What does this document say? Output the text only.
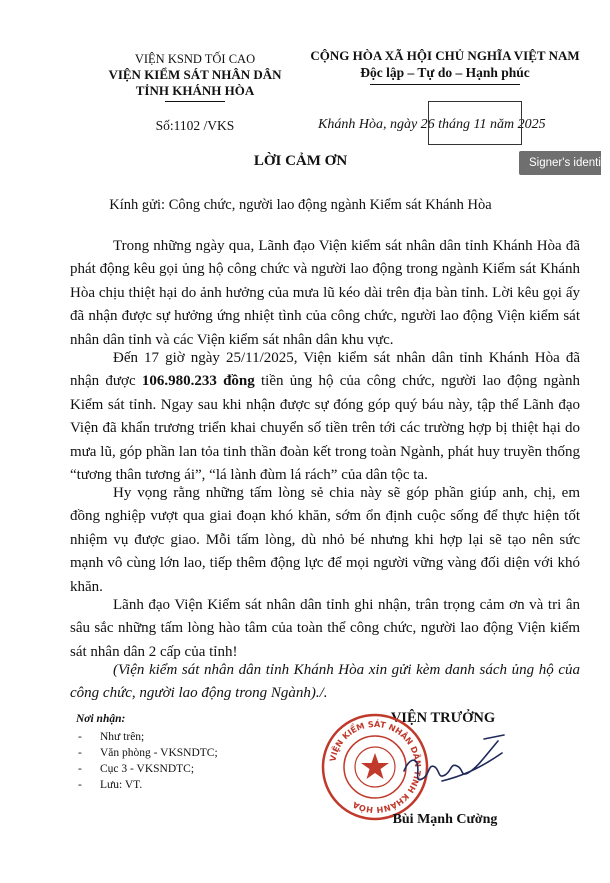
VIỆN KSND TỐI CAO
VIỆN KIỂM SÁT NHÂN DÂN
TỈNH KHÁNH HÒA
Số:1102 /VKS
CỘNG HÒA XÃ HỘI CHỦ NGHĨA VIỆT NAM
Độc lập – Tự do – Hạnh phúc
Khánh Hòa, ngày 26 tháng 11 năm 2025
Signer's identity
LỜI CẢM ƠN
Kính gửi: Công chức, người lao động ngành Kiểm sát Khánh Hòa

Trong những ngày qua, Lãnh đạo Viện kiểm sát nhân dân tỉnh Khánh Hòa đã phát động kêu gọi ủng hộ công chức và người lao động trong ngành Kiểm sát Khánh Hòa chịu thiệt hại do ảnh hưởng của mưa lũ kéo dài trên địa bàn tỉnh. Lời kêu gọi ấy đã nhận được sự hưởng ứng nhiệt tình của công chức, người lao động Viện kiểm sát nhân dân tỉnh và các Viện kiểm sát nhân dân khu vực.

Đến 17 giờ ngày 25/11/2025, Viện kiểm sát nhân dân tỉnh Khánh Hòa đã nhận được 106.980.233 đồng tiền ủng hộ của công chức, người lao động ngành Kiểm sát tỉnh. Ngay sau khi nhận được sự đóng góp quý báu này, tập thể Lãnh đạo Viện đã khẩn trương triển khai chuyển số tiền trên tới các trường hợp bị thiệt hại do mưa lũ, góp phần lan tỏa tinh thần đoàn kết trong toàn Ngành, phát huy truyền thống “tương thân tương ái”, “lá lành đùm lá rách” của dân tộc ta.

Hy vọng rằng những tấm lòng sẻ chia này sẽ góp phần giúp anh, chị, em đồng nghiệp vượt qua giai đoạn khó khăn, sớm ổn định cuộc sống để thực hiện tốt nhiệm vụ được giao. Mỗi tấm lòng, dù nhỏ bé nhưng khi hợp lại sẽ tạo nên sức mạnh vô cùng lớn lao, tiếp thêm động lực để mọi người vững vàng đối diện với khó khăn.

Lãnh đạo Viện Kiểm sát nhân dân tỉnh ghi nhận, trân trọng cảm ơn và tri ân sâu sắc những tấm lòng hào tâm của toàn thể công chức, người lao động Viện kiểm sát nhân dân 2 cấp của tỉnh!

(Viện kiểm sát nhân dân tỉnh Khánh Hòa xin gửi kèm danh sách ủng hộ của công chức, người lao động trong Ngành)./.

Nơi nhận:
- Như trên;
- Văn phòng - VKSNDTC;
- Cục 3 - VKSNDTC;
- Lưu: VT.
VIỆN TRƯỞNG
VIỆN KIỂM SÁT NHÂN DÂN TỈNH KHÁNH HÒA
Bùi Mạnh Cường
